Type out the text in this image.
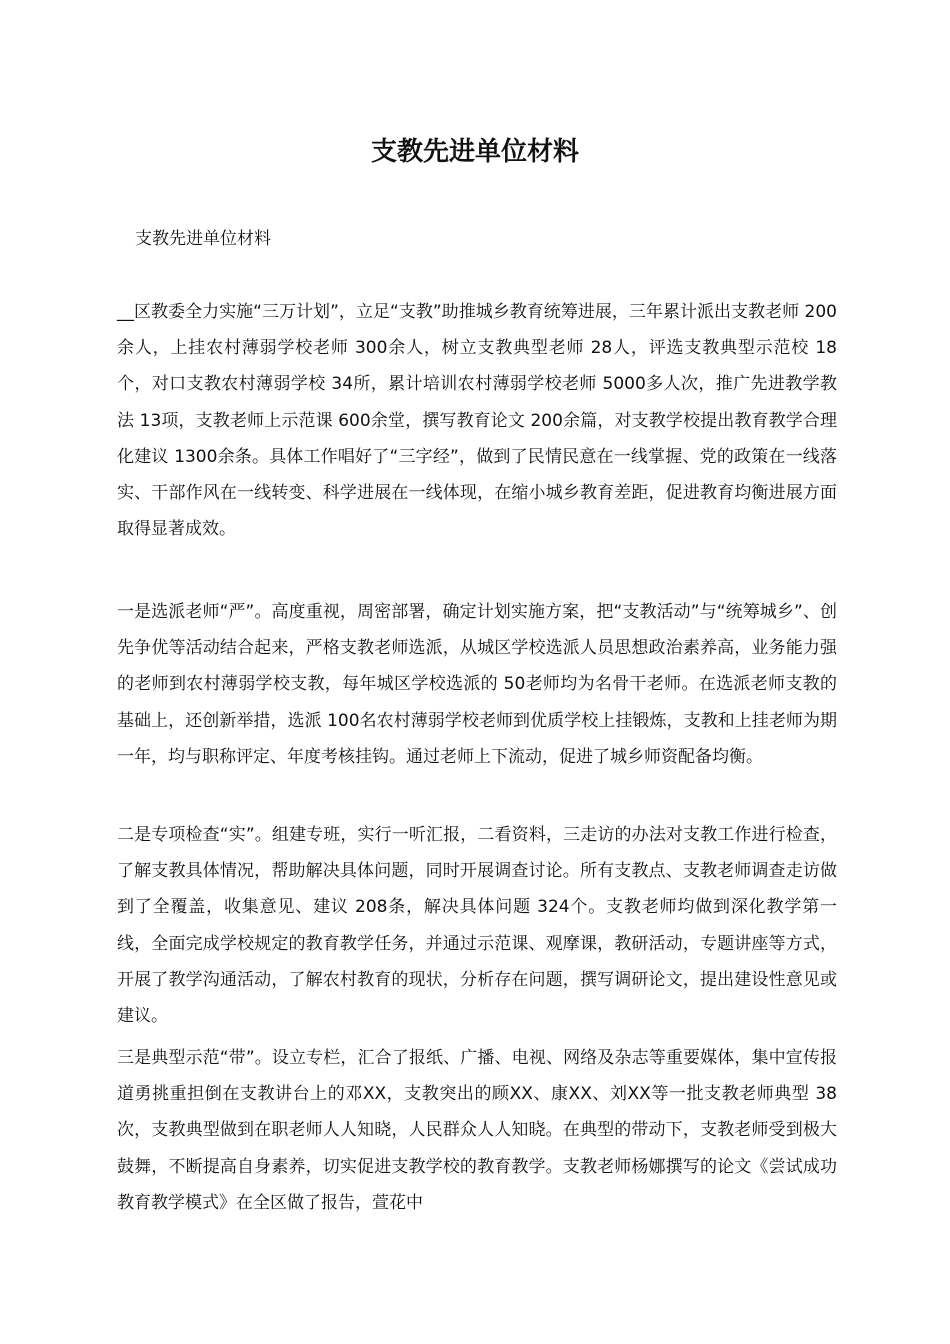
支教先进单位材料

支教先进单位材料

__区教委全力实施“三万计划”，立足“支教”助推城乡教育统筹进展，三年累计派出支教老师 200余人，上挂农村薄弱学校老师 300余人，树立支教典型老师 28人，评选支教典型示范校 18个，对口支教农村薄弱学校 34所，累计培训农村薄弱学校老师 5000多人次，推广先进教学教法 13项，支教老师上示范课 600余堂，撰写教育论文 200余篇，对支教学校提出教育教学合理化建议 1300余条。具体工作唱好了“三字经”，做到了民情民意在一线掌握、党的政策在一线落实、干部作风在一线转变、科学进展在一线体现，在缩小城乡教育差距，促进教育均衡进展方面取得显著成效。

一是选派老师“严”。高度重视，周密部署，确定计划实施方案，把“支教活动”与“统筹城乡”、创先争优等活动结合起来，严格支教老师选派，从城区学校选派人员思想政治素养高，业务能力强的老师到农村薄弱学校支教，每年城区学校选派的 50老师均为名骨干老师。在选派老师支教的基础上，还创新举措，选派 100名农村薄弱学校老师到优质学校上挂锻炼，支教和上挂老师为期一年，均与职称评定、年度考核挂钩。通过老师上下流动，促进了城乡师资配备均衡。

二是专项检查“实”。组建专班，实行一听汇报，二看资料，三走访的办法对支教工作进行检查，了解支教具体情况，帮助解决具体问题，同时开展调查讨论。所有支教点、支教老师调查走访做到了全覆盖，收集意见、建议 208条，解决具体问题 324个。支教老师均做到深化教学第一线，全面完成学校规定的教育教学任务，并通过示范课、观摩课，教研活动，专题讲座等方式，开展了教学沟通活动，了解农村教育的现状，分析存在问题，撰写调研论文，提出建设性意见或建议。

三是典型示范“带”。设立专栏，汇合了报纸、广播、电视、网络及杂志等重要媒体，集中宣传报道勇挑重担倒在支教讲台上的邓XX，支教突出的顾XX、康XX、刘XX等一批支教老师典型 38次，支教典型做到在职老师人人知晓，人民群众人人知晓。在典型的带动下，支教老师受到极大鼓舞，不断提高自身素养，切实促进支教学校的教育教学。支教老师杨娜撰写的论文《尝试成功教育教学模式》在全区做了报告，萱花中
